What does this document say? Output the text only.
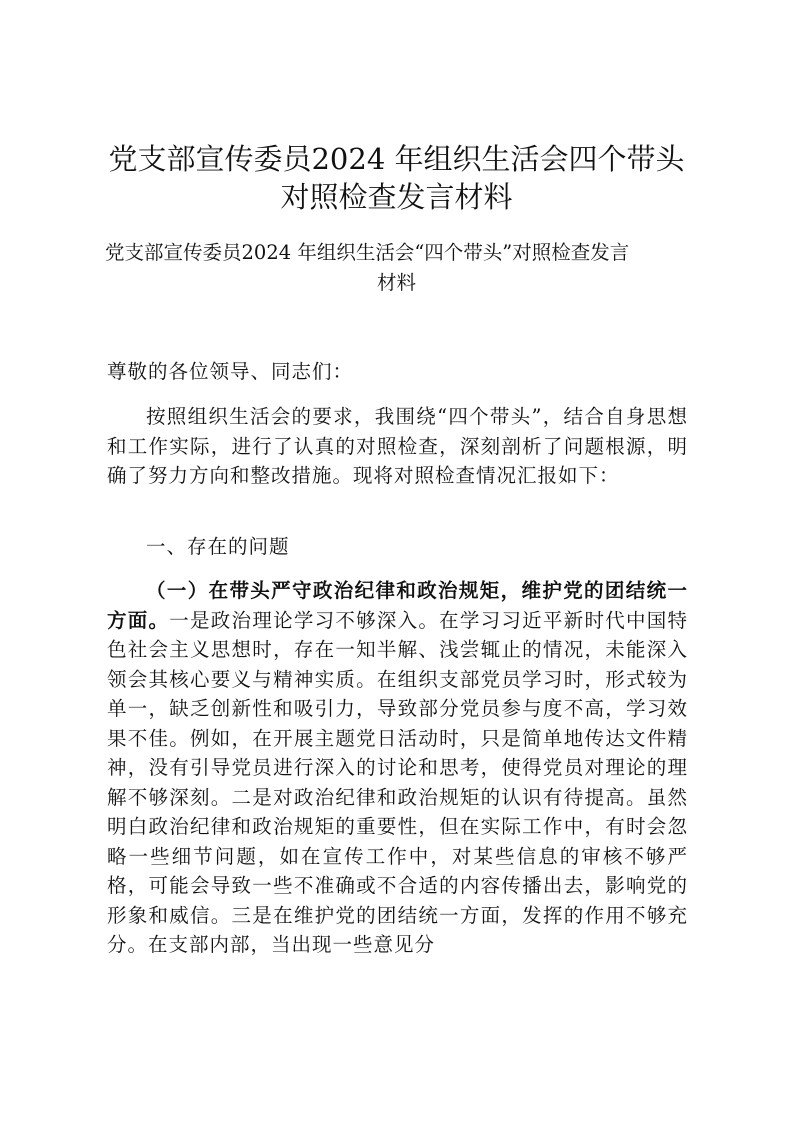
党支部宣传委员2024 年组织生活会四个带头
对照检查发言材料
党支部宣传委员2024 年组织生活会“四个带头”对照检查发言
材料
尊敬的各位领导、同志们：
按照组织生活会的要求，我围绕“四个带头”，结合自身思想和工作实际，进行了认真的对照检查，深刻剖析了问题根源，明确了努力方向和整改措施。现将对照检查情况汇报如下：
一、存在的问题
（一）在带头严守政治纪律和政治规矩，维护党的团结统一方面。一是政治理论学习不够深入。在学习习近平新时代中国特色社会主义思想时，存在一知半解、浅尝辄止的情况，未能深入领会其核心要义与精神实质。在组织支部党员学习时，形式较为单一，缺乏创新性和吸引力，导致部分党员参与度不高，学习效果不佳。例如，在开展主题党日活动时，只是简单地传达文件精神，没有引导党员进行深入的讨论和思考，使得党员对理论的理解不够深刻。二是对政治纪律和政治规矩的认识有待提高。虽然明白政治纪律和政治规矩的重要性，但在实际工作中，有时会忽略一些细节问题，如在宣传工作中，对某些信息的审核不够严格，可能会导致一些不准确或不合适的内容传播出去，影响党的形象和威信。三是在维护党的团结统一方面，发挥的作用不够充分。在支部内部，当出现一些意见分
